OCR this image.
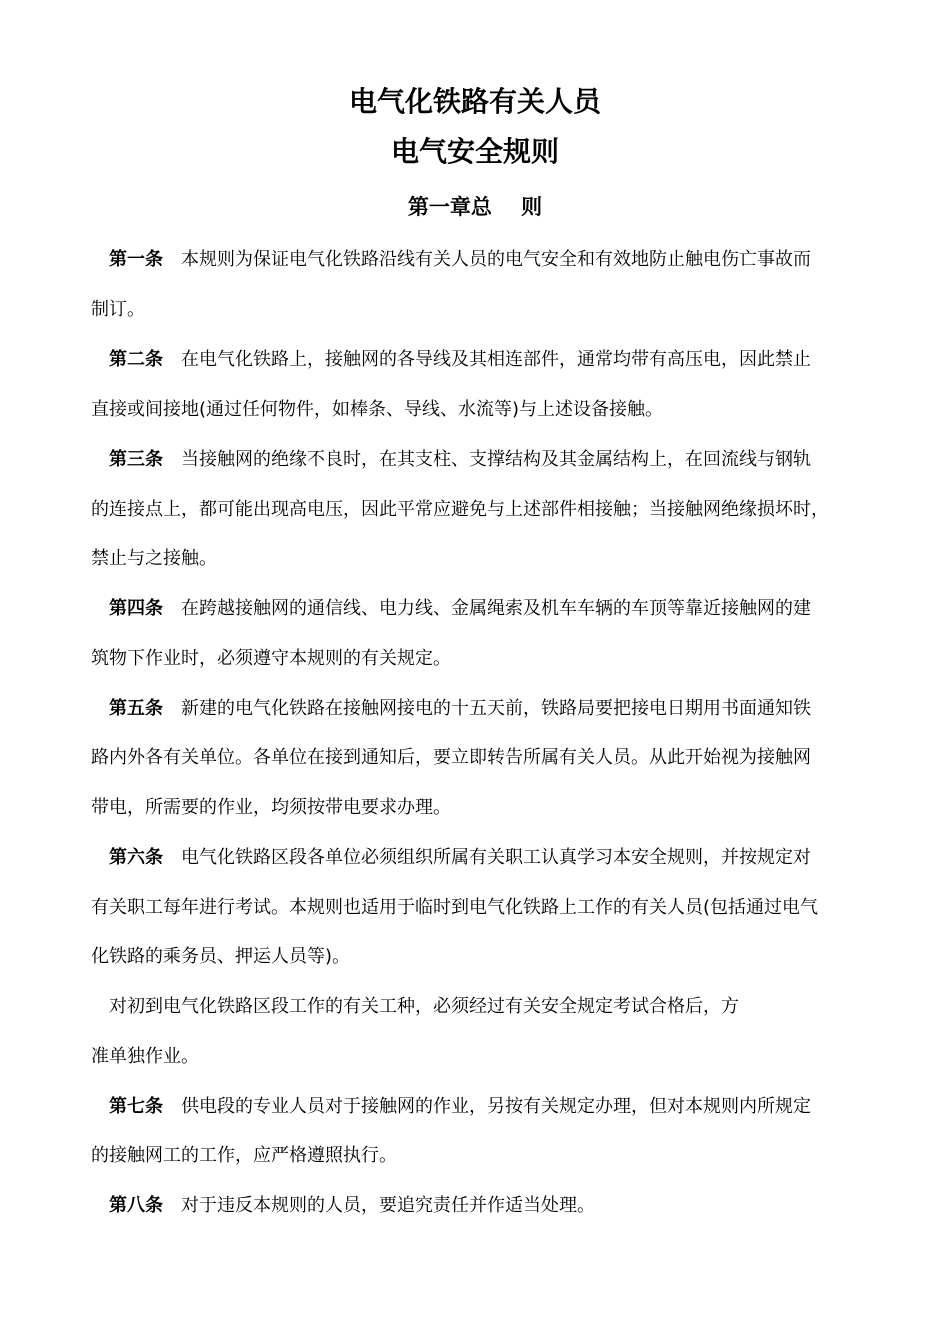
电气化铁路有关人员
电气安全规则
第一章总    则
第一条 本规则为保证电气化铁路沿线有关人员的电气安全和有效地防止触电伤亡事故而
制订。
第二条 在电气化铁路上，接触网的各导线及其相连部件，通常均带有高压电，因此禁止
直接或间接地(通过任何物件，如棒条、导线、水流等)与上述设备接触。
第三条 当接触网的绝缘不良时，在其支柱、支撑结构及其金属结构上，在回流线与钢轨
的连接点上，都可能出现高电压，因此平常应避免与上述部件相接触；当接触网绝缘损坏时，
禁止与之接触。
第四条 在跨越接触网的通信线、电力线、金属绳索及机车车辆的车顶等靠近接触网的建
筑物下作业时，必须遵守本规则的有关规定。
第五条 新建的电气化铁路在接触网接电的十五天前，铁路局要把接电日期用书面通知铁
路内外各有关单位。各单位在接到通知后，要立即转告所属有关人员。从此开始视为接触网
带电，所需要的作业，均须按带电要求办理。
第六条 电气化铁路区段各单位必须组织所属有关职工认真学习本安全规则，并按规定对
有关职工每年进行考试。本规则也适用于临时到电气化铁路上工作的有关人员(包括通过电气
化铁路的乘务员、押运人员等)。
对初到电气化铁路区段工作的有关工种，必须经过有关安全规定考试合格后，方
准单独作业。
第七条 供电段的专业人员对于接触网的作业，另按有关规定办理，但对本规则内所规定
的接触网工的工作，应严格遵照执行。
第八条 对于违反本规则的人员，要追究责任并作适当处理。
